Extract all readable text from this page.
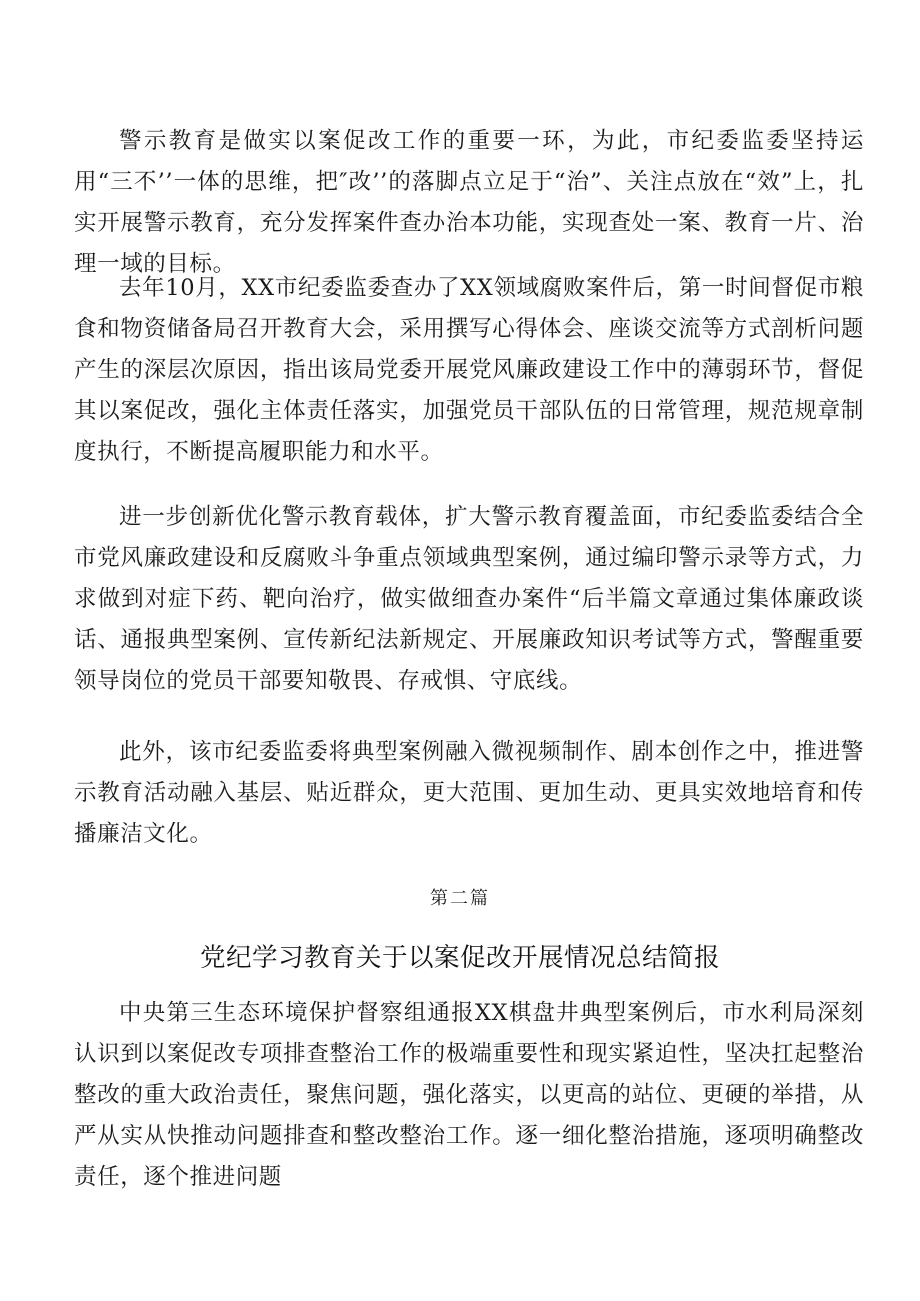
警示教育是做实以案促改工作的重要一环，为此，市纪委监委坚持运用“三不’’一体的思维，把″改’’的落脚点立足于“治”、关注点放在“效”上，扎实开展警示教育，充分发挥案件查办治本功能，实现查处一案、教育一片、治理一域的目标。

去年10月，XX市纪委监委查办了XX领域腐败案件后，第一时间督促市粮食和物资储备局召开教育大会，采用撰写心得体会、座谈交流等方式剖析问题产生的深层次原因，指出该局党委开展党风廉政建设工作中的薄弱环节，督促其以案促改，强化主体责任落实，加强党员干部队伍的日常管理，规范规章制度执行，不断提高履职能力和水平。

进一步创新优化警示教育载体，扩大警示教育覆盖面，市纪委监委结合全市党风廉政建设和反腐败斗争重点领域典型案例，通过编印警示录等方式，力求做到对症下药、靶向治疗，做实做细查办案件“后半篇文章通过集体廉政谈话、通报典型案例、宣传新纪法新规定、开展廉政知识考试等方式，警醒重要领导岗位的党员干部要知敬畏、存戒惧、守底线。

此外，该市纪委监委将典型案例融入微视频制作、剧本创作之中，推进警示教育活动融入基层、贴近群众，更大范围、更加生动、更具实效地培育和传播廉洁文化。

第二篇
党纪学习教育关于以案促改开展情况总结简报

中央第三生态环境保护督察组通报XX棋盘井典型案例后，市水利局深刻认识到以案促改专项排查整治工作的极端重要性和现实紧迫性，坚决扛起整治整改的重大政治责任，聚焦问题，强化落实，以更高的站位、更硬的举措，从严从实从快推动问题排查和整改整治工作。逐一细化整治措施，逐项明确整改责任，逐个推进问题
